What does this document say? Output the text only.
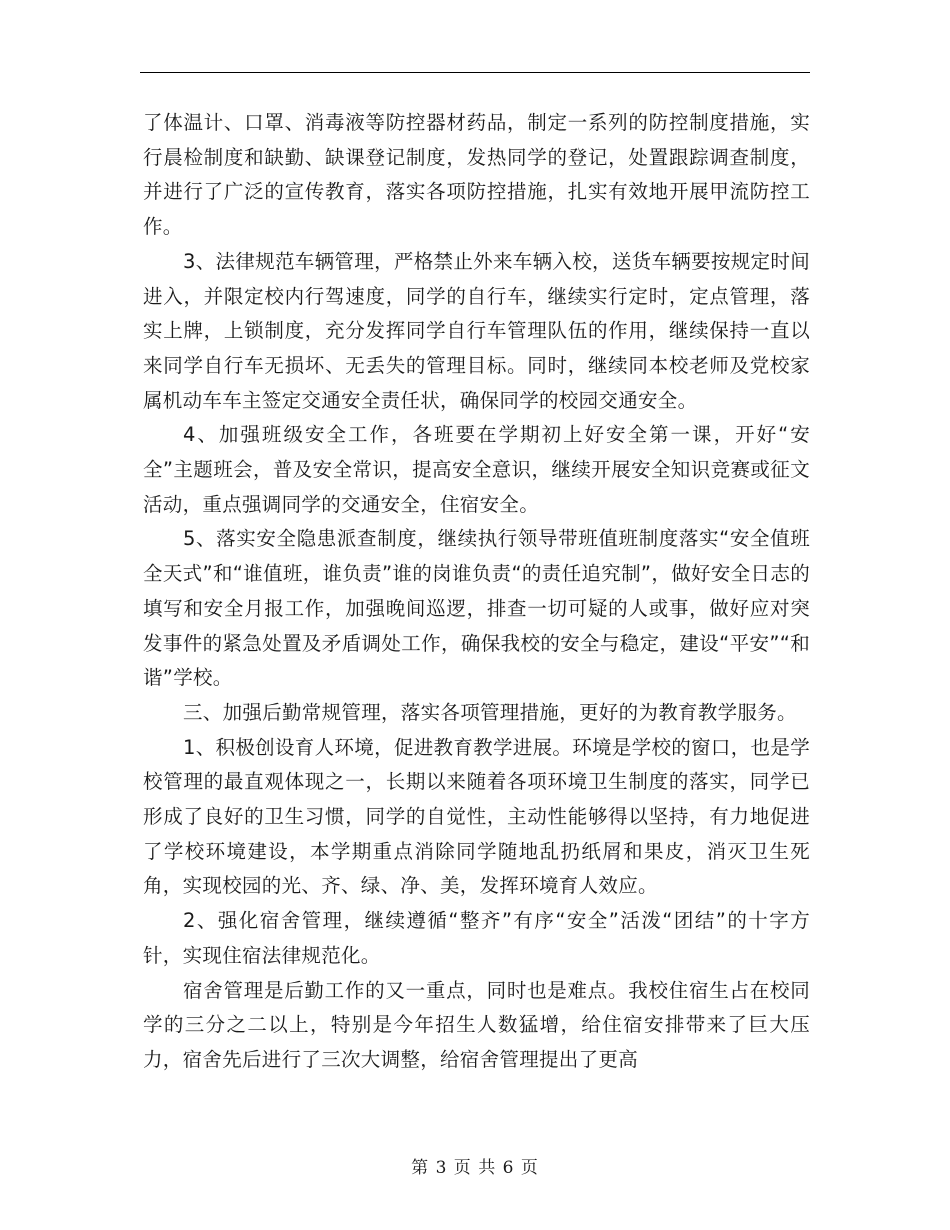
了体温计、口罩、消毒液等防控器材药品，制定一系列的防控制度措施，实行晨检制度和缺勤、缺课登记制度，发热同学的登记，处置跟踪调查制度，并进行了广泛的宣传教育，落实各项防控措施，扎实有效地开展甲流防控工作。

3、法律规范车辆管理，严格禁止外来车辆入校，送货车辆要按规定时间进入，并限定校内行驾速度，同学的自行车，继续实行定时，定点管理，落实上牌，上锁制度，充分发挥同学自行车管理队伍的作用，继续保持一直以来同学自行车无损坏、无丢失的管理目标。同时，继续同本校老师及党校家属机动车车主签定交通安全责任状，确保同学的校园交通安全。

4、加强班级安全工作，各班要在学期初上好安全第一课，开好“安全”主题班会，普及安全常识，提高安全意识，继续开展安全知识竞赛或征文活动，重点强调同学的交通安全，住宿安全。

5、落实安全隐患派查制度，继续执行领导带班值班制度落实“安全值班全天式”和“谁值班，谁负责”谁的岗谁负责“的责任追究制”，做好安全日志的填写和安全月报工作，加强晚间巡逻，排查一切可疑的人或事，做好应对突发事件的紧急处置及矛盾调处工作，确保我校的安全与稳定，建设“平安”“和谐”学校。

三、加强后勤常规管理，落实各项管理措施，更好的为教育教学服务。

1、积极创设育人环境，促进教育教学进展。环境是学校的窗口，也是学校管理的最直观体现之一，长期以来随着各项环境卫生制度的落实，同学已形成了良好的卫生习惯，同学的自觉性，主动性能够得以坚持，有力地促进了学校环境建设，本学期重点消除同学随地乱扔纸屑和果皮，消灭卫生死角，实现校园的光、齐、绿、净、美，发挥环境育人效应。

2、强化宿舍管理，继续遵循“整齐”有序“安全”活泼“团结”的十字方针，实现住宿法律规范化。

宿舍管理是后勤工作的又一重点，同时也是难点。我校住宿生占在校同学的三分之二以上，特别是今年招生人数猛增，给住宿安排带来了巨大压力，宿舍先后进行了三次大调整，给宿舍管理提出了更高

第 3 页 共 6 页
